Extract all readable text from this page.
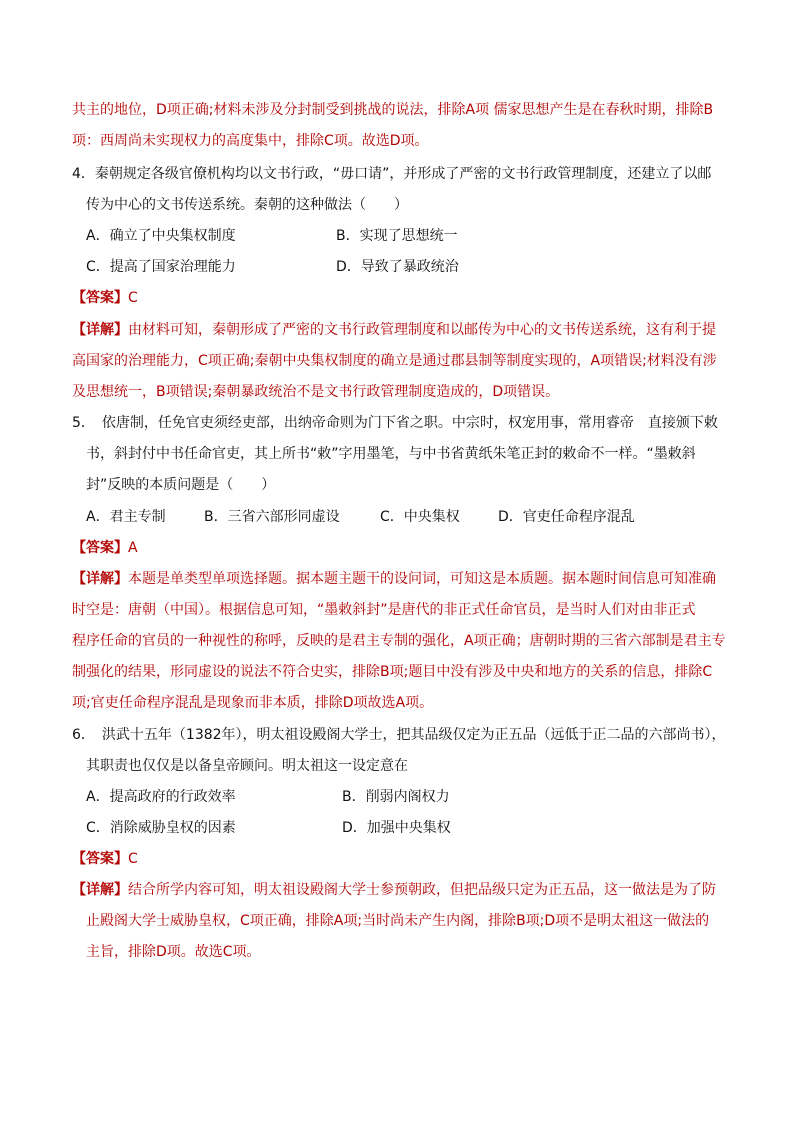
共主的地位，D项正确;材料未涉及分封制受到挑战的说法，排除A项 儒家思想产生是在春秋时期，排除B
项：西周尚未实现权力的高度集中，排除C项。故选D项。
4．秦朝规定各级官僚机构均以文书行政，“毋口请”，并形成了严密的文书行政管理制度，还建立了以邮
传为中心的文书传送系统。秦朝的这种做法（　　）
A．确立了中央集权制度	B．实现了思想统一
C．提高了国家治理能力	D．导致了暴政统治
【答案】C
【详解】由材料可知，秦朝形成了严密的文书行政管理制度和以邮传为中心的文书传送系统，这有利于提
高国家的治理能力，C项正确;秦朝中央集权制度的确立是通过郡县制等制度实现的，A项错误;材料没有涉
及思想统一，B项错误;秦朝暴政统治不是文书行政管理制度造成的，D项错误。
5．　依唐制，任免官吏须经吏部，出纳帝命则为门下省之职。中宗时，权宠用事，常用睿帝　直接颁下敕
书，斜封付中书任命官吏，其上所书“敕”字用墨笔，与中书省黄纸朱笔正封的敕命不一样。“墨敕斜
封”反映的本质问题是（　　）
A．君主专制	B．三省六部形同虚设	C．中央集权	D．官吏任命程序混乱
【答案】A
【详解】本题是单类型单项选择题。据本题主题干的设问词，可知这是本质题。据本题时间信息可知准确
时空是：唐朝（中国）。根据信息可知，“墨敕斜封”是唐代的非正式任命官员，是当时人们对由非正式
程序任命的官员的一种视性的称呼，反映的是君主专制的强化，A项正确；唐朝时期的三省六部制是君主专
制强化的结果，形同虚设的说法不符合史实，排除B项;题目中没有涉及中央和地方的关系的信息，排除C
项;官吏任命程序混乱是现象而非本质，排除D项故选A项。
6．　洪武十五年（1382年），明太祖设殿阁大学士，把其品级仅定为正五品（远低于正二品的六部尚书），
其职责也仅仅是以备皇帝顾问。明太祖这一设定意在
A．提高政府的行政效率	B．削弱内阁权力
C．消除威胁皇权的因素	D．加强中央集权
【答案】C
【详解】结合所学内容可知，明太祖设殿阁大学士参预朝政，但把品级只定为正五品，这一做法是为了防
止殿阁大学士威胁皇权，C项正确，排除A项;当时尚未产生内阁，排除B项;D项不是明太祖这一做法的
主旨，排除D项。故选C项。
